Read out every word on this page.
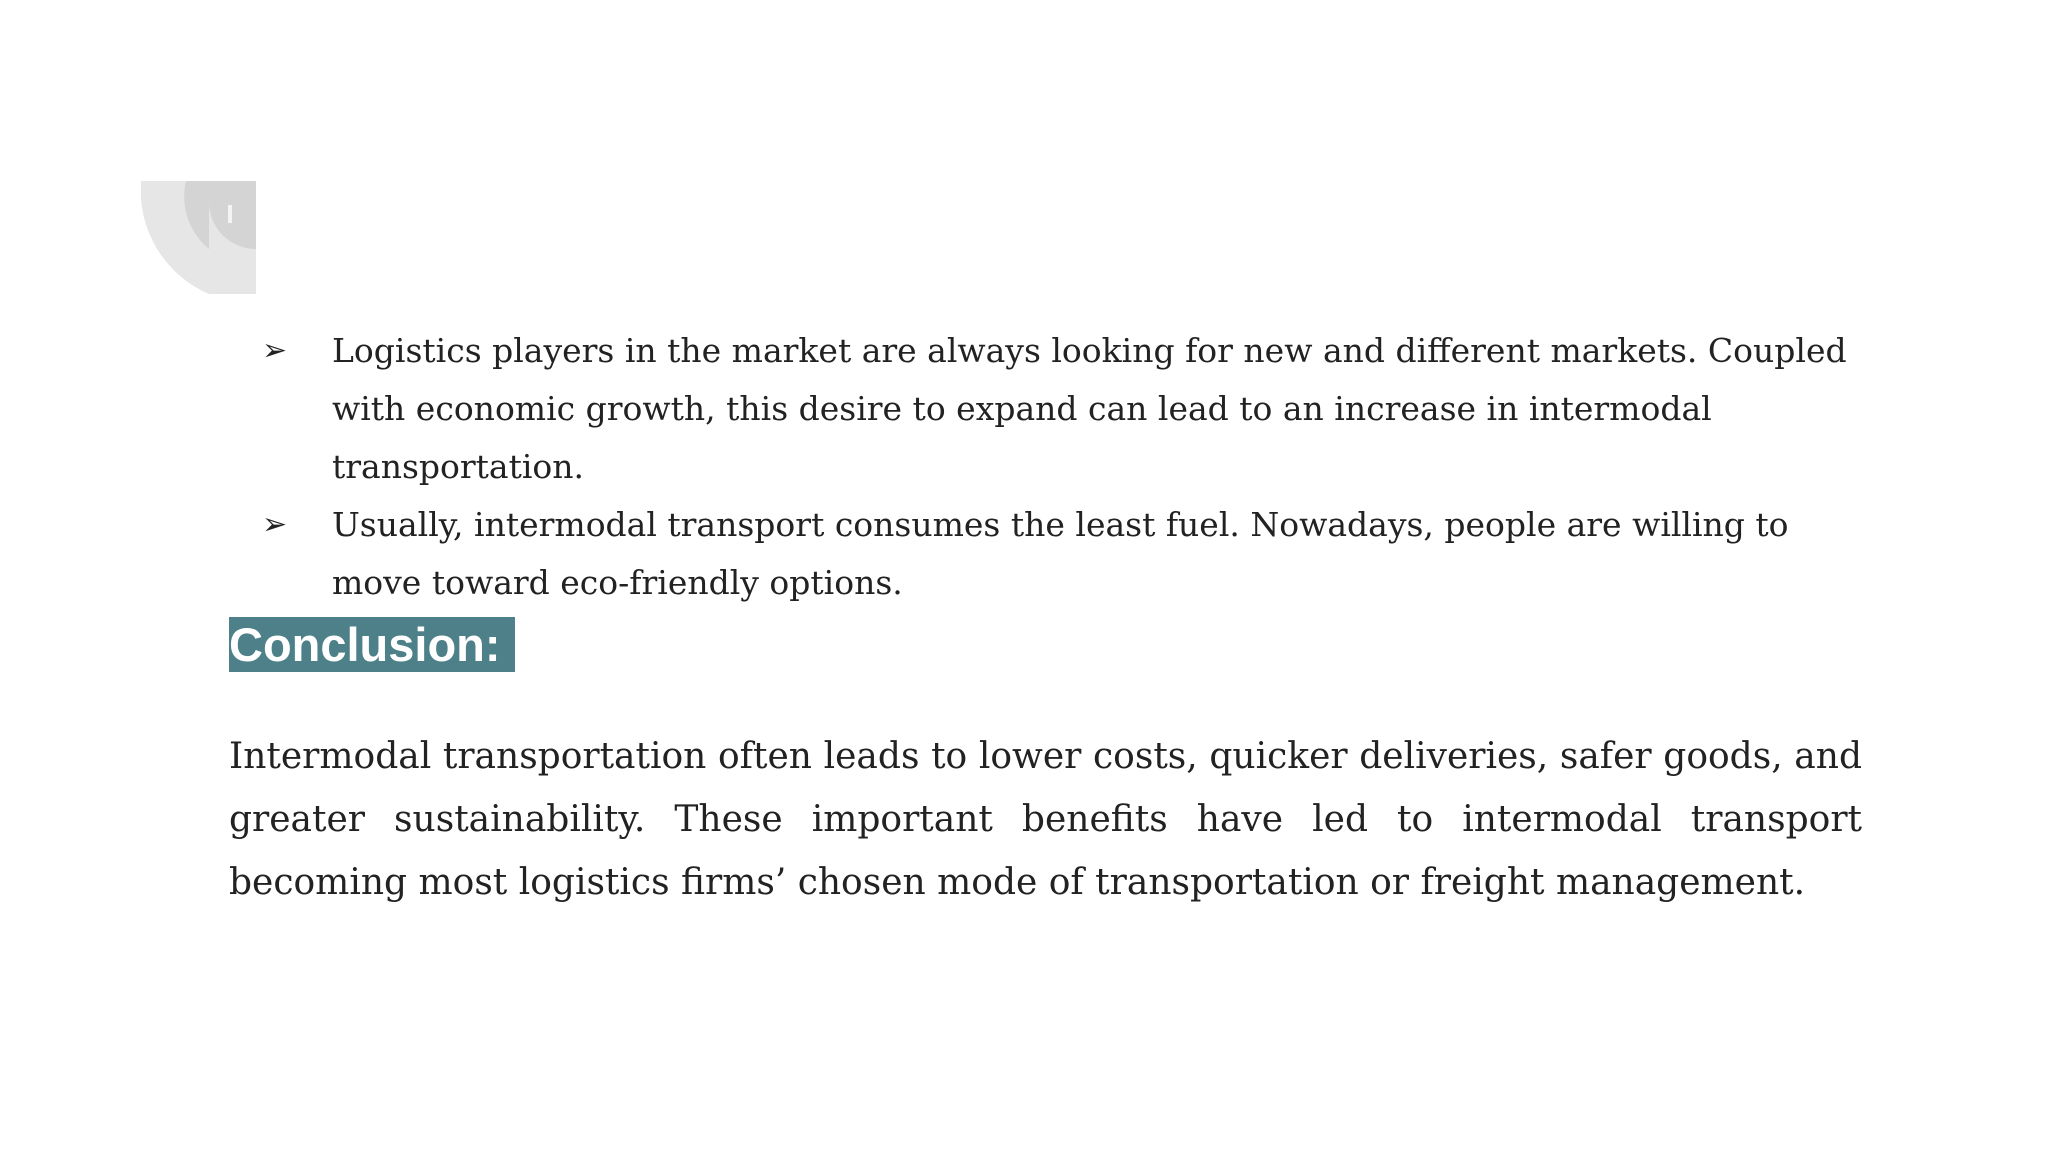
➢	Logistics players in the market are always looking for new and different markets. Coupled with economic growth, this desire to expand can lead to an increase in intermodal transportation.
➢	Usually, intermodal transport consumes the least fuel. Nowadays, people are willing to move toward eco-friendly options.
Conclusion:

Intermodal transportation often leads to lower costs, quicker deliveries, safer goods, and greater sustainability. These important benefits have led to intermodal transport becoming most logistics firms’ chosen mode of transportation or freight management.
